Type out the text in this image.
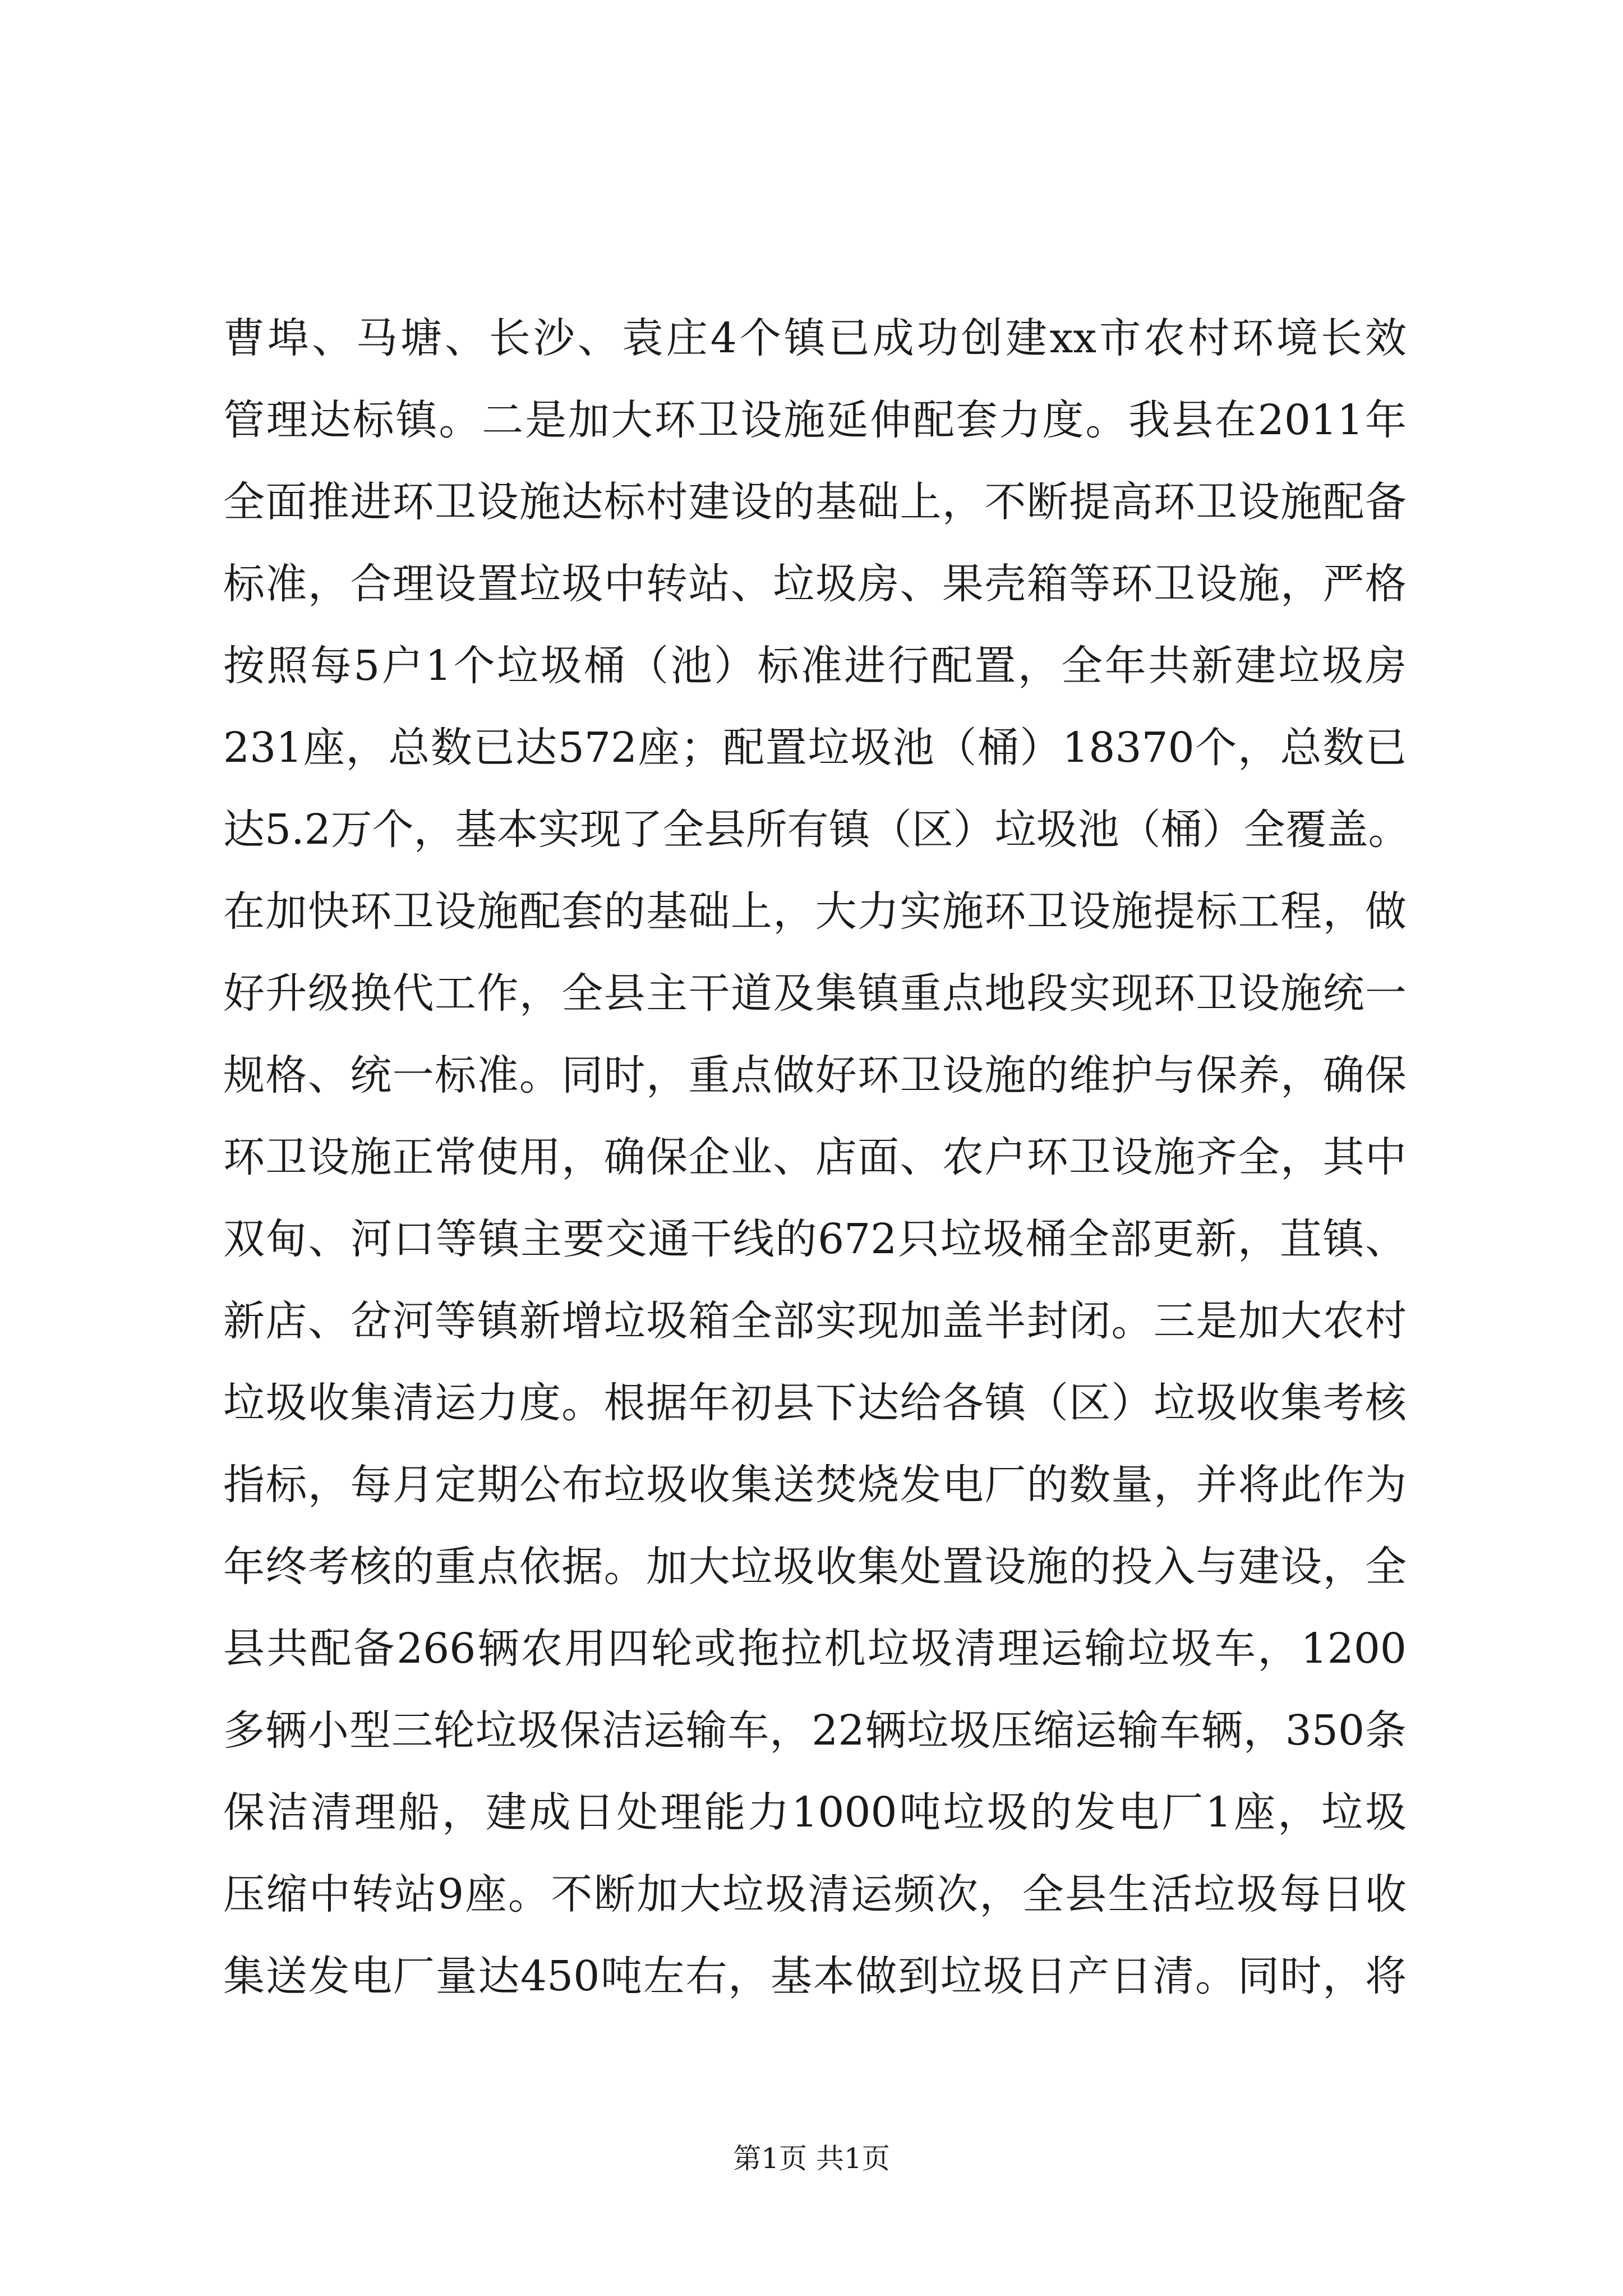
曹埠、马塘、长沙、袁庄4个镇已成功创建xx市农村环境长效
管理达标镇。二是加大环卫设施延伸配套力度。我县在2011年
全面推进环卫设施达标村建设的基础上，不断提高环卫设施配备
标准，合理设置垃圾中转站、垃圾房、果壳箱等环卫设施，严格
按照每5户1个垃圾桶（池）标准进行配置，全年共新建垃圾房
231座，总数已达572座；配置垃圾池（桶）18370个，总数已
达5.2万个，基本实现了全县所有镇（区）垃圾池（桶）全覆盖。
在加快环卫设施配套的基础上，大力实施环卫设施提标工程，做
好升级换代工作，全县主干道及集镇重点地段实现环卫设施统一
规格、统一标准。同时，重点做好环卫设施的维护与保养，确保
环卫设施正常使用，确保企业、店面、农户环卫设施齐全，其中
双甸、河口等镇主要交通干线的672只垃圾桶全部更新，苴镇、
新店、岔河等镇新增垃圾箱全部实现加盖半封闭。三是加大农村
垃圾收集清运力度。根据年初县下达给各镇（区）垃圾收集考核
指标，每月定期公布垃圾收集送焚烧发电厂的数量，并将此作为
年终考核的重点依据。加大垃圾收集处置设施的投入与建设，全
县共配备266辆农用四轮或拖拉机垃圾清理运输垃圾车，1200
多辆小型三轮垃圾保洁运输车，22辆垃圾压缩运输车辆，350条
保洁清理船，建成日处理能力1000吨垃圾的发电厂1座，垃圾
压缩中转站9座。不断加大垃圾清运频次，全县生活垃圾每日收
集送发电厂量达450吨左右，基本做到垃圾日产日清。同时，将
第1页 共1页
